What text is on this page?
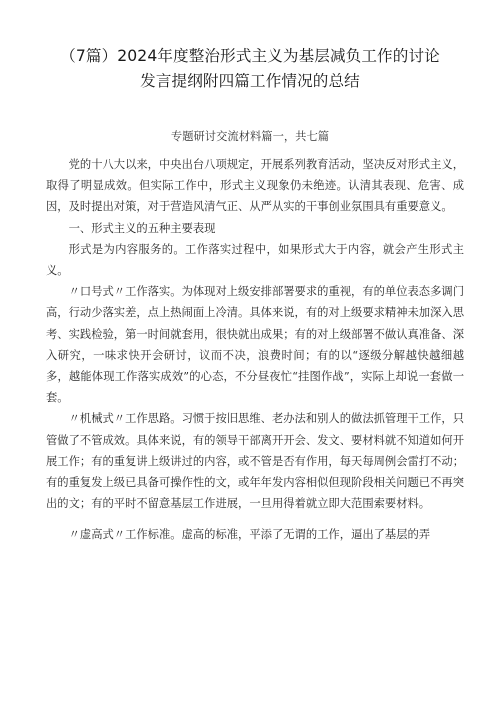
（7篇）2024年度整治形式主义为基层减负工作的讨论
发言提纲附四篇工作情况的总结
专题研讨交流材料篇一，共七篇

党的十八大以来，中央出台八项规定，开展系列教育活动，坚决反对形式主义，取得了明显成效。但实际工作中，形式主义现象仍未绝迹。认清其表现、危害、成因，及时提出对策，对于营造风清气正、从严从实的干事创业氛围具有重要意义。

一、形式主义的五种主要表现

形式是为内容服务的。工作落实过程中，如果形式大于内容，就会产生形式主义。

〃口号式〃工作落实。为体现对上级安排部署要求的重视，有的单位表态多调门高，行动少落实差，点上热闹面上冷清。具体来说，有的对上级要求精神未加深入思考、实践检验，第一时间就套用，很快就出成果；有的对上级部署不做认真准备、深入研究，一味求快开会研讨，议而不决，浪费时间；有的以“逐级分解越快越细越多，越能体现工作落实成效”的心态，不分昼夜忙“挂图作战”，实际上却说一套做一套。

〃机械式〃工作思路。习惯于按旧思维、老办法和别人的做法抓管理干工作，只管做了不管成效。具体来说，有的领导干部离开开会、发文、要材料就不知道如何开展工作；有的重复讲上级讲过的内容，或不管是否有作用，每天每周例会雷打不动；有的重复发上级已具备可操作性的文，或年年发内容相似但现阶段相关问题已不再突出的文；有的平时不留意基层工作进展，一旦用得着就立即大范围索要材料。

〃虚高式〃工作标准。虚高的标准，平添了无谓的工作，逼出了基层的弄
